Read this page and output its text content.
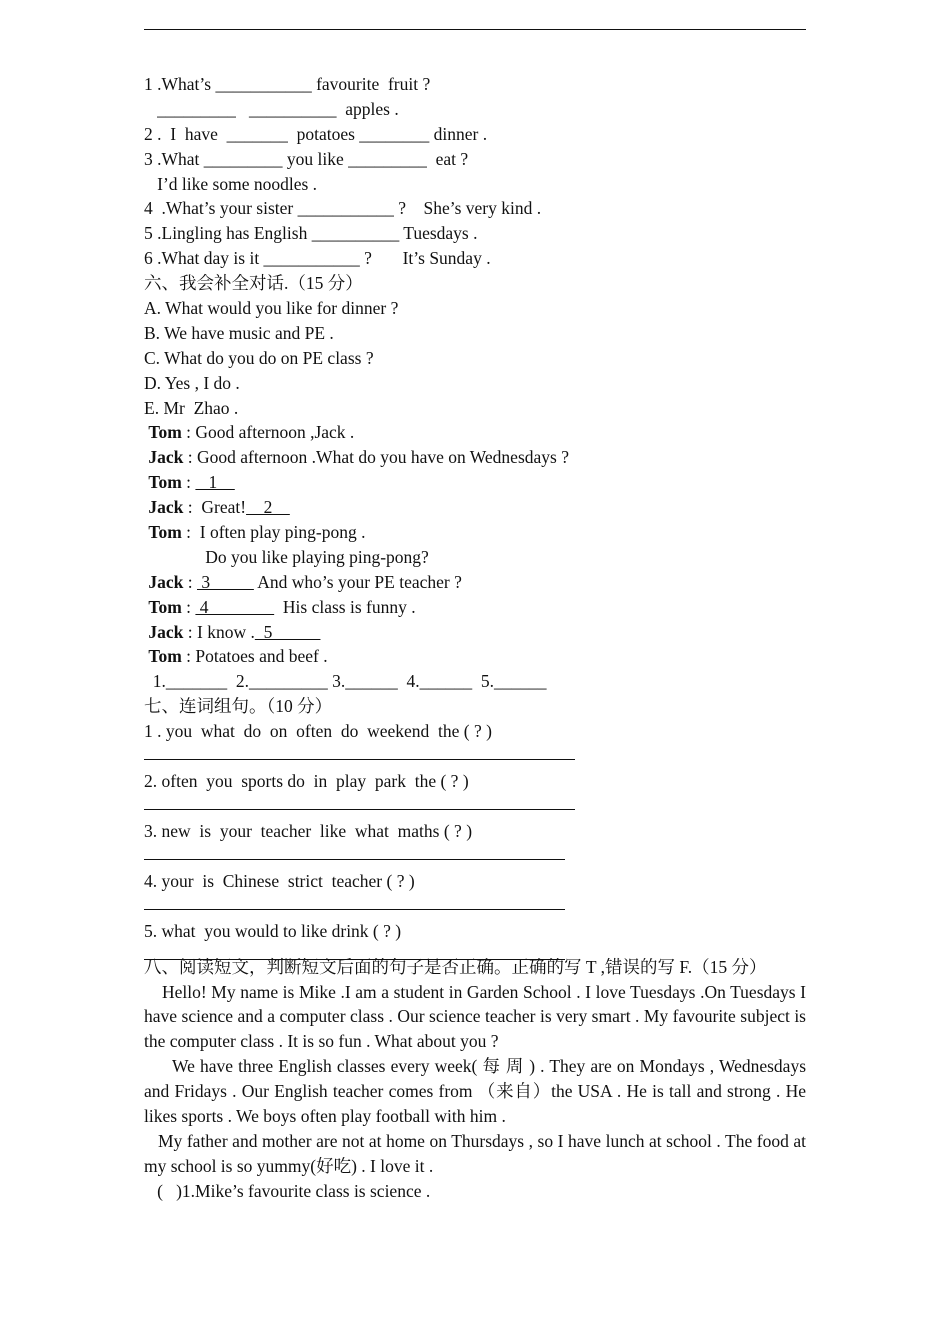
1 .What’s ___________ favourite  fruit ?
_________   __________  apples .
2 .  I  have  _______  potatoes ________ dinner .
3 .What _________ you like _________  eat ?
I’d like some noodles .
4  .What’s your sister ___________ ?    She’s very kind .
5 .Lingling has English __________ Tuesdays .
6 .What day is it ___________ ?       It’s Sunday .
六、我会补全对话.（15 分）
A. What would you like for dinner ?
B. We have music and PE .
C. What do you do on PE class ?
D. Yes , I do .
E. Mr  Zhao .
Tom : Good afternoon ,Jack .
Jack : Good afternoon .What do you have on Wednesdays ?
Tom :    1
Jack :  Great!    2
Tom :  I often play ping-pong .
Do you like playing ping-pong?
Jack :  3           And who’s your PE teacher ?
Tom :  4                 His class is funny .
Jack : I know .  5
Tom : Potatoes and beef .
1._______  2._________ 3.______  4.______  5.______
七、连词组句。（10 分）
1 . you  what  do  on  often  do  weekend  the ( ? )
2. often  you  sports do  in  play  park  the ( ? )
3. new  is  your  teacher  like  what  maths ( ? )
4. your  is  Chinese  strict  teacher ( ? )
5. what  you would to like drink ( ? )
八、阅读短文，判断短文后面的句子是否正确。正确的写 T ,错误的写 F.（15 分）
Hello! My name is Mike .I am a student in Garden School . I love Tuesdays .On Tuesdays I have science and a computer class . Our science teacher is very smart . My favourite subject is the computer class . It is so fun . What about you ?
We have three English classes every week( 每 周 ) . They are on Mondays , Wednesdays and Fridays . Our English teacher comes from （来自）the USA . He is tall and strong . He likes sports . We boys often play football with him .
My father and mother are not at home on Thursdays , so I have lunch at school . The food at my school is so yummy(好吃) . I love it .
(   )1.Mike’s favourite class is science .
